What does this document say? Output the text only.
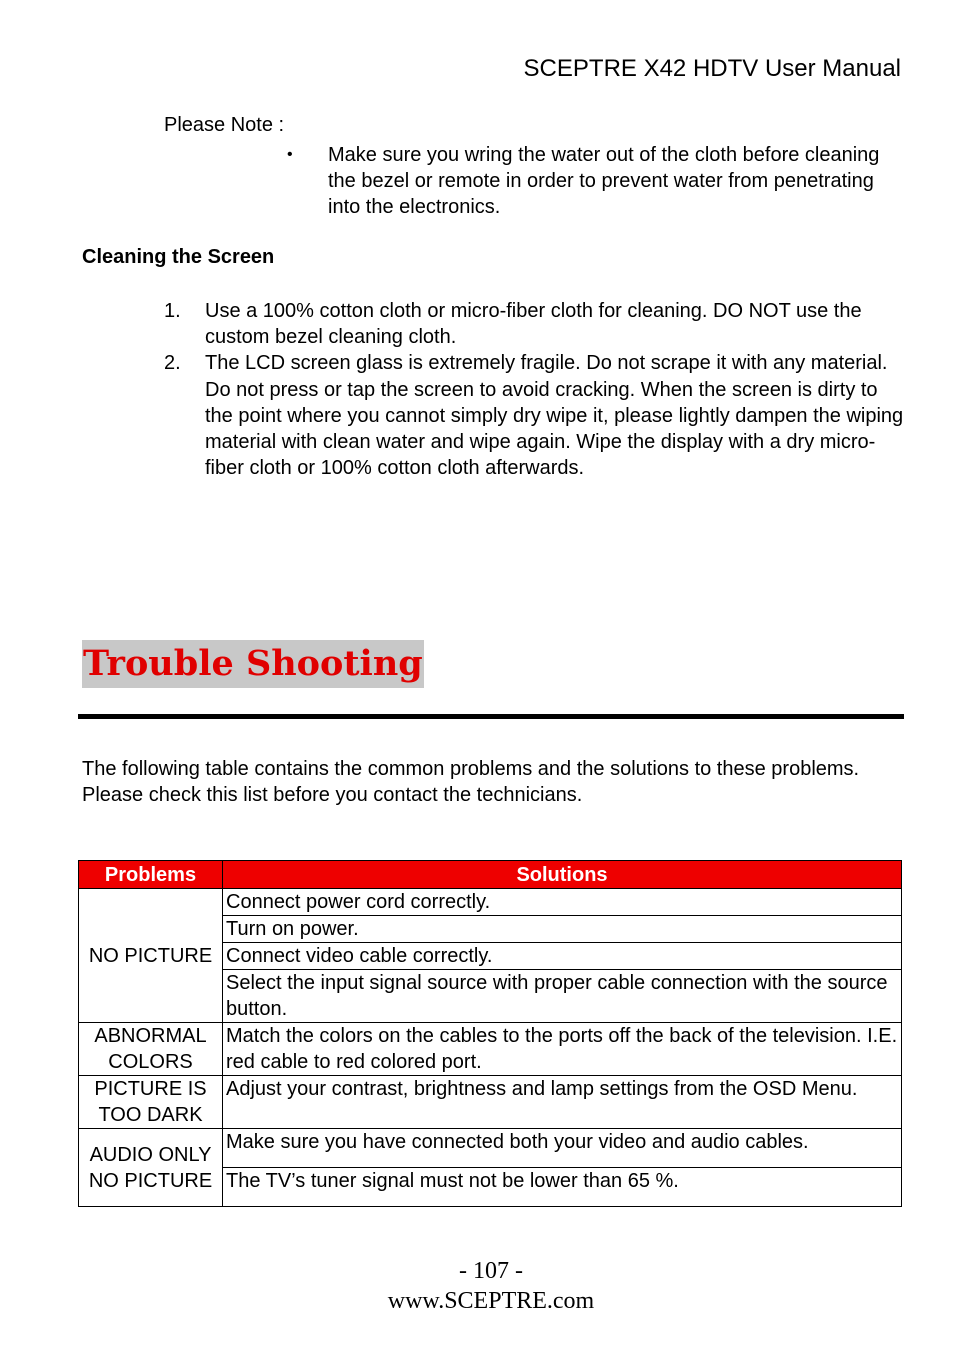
SCEPTRE X42 HDTV User Manual
Please Note :
•	Make sure you wring the water out of the cloth before cleaning the bezel or remote in order to prevent water from penetrating into the electronics.
Cleaning the Screen
1.	Use a 100% cotton cloth or micro-fiber cloth for cleaning. DO NOT use the custom bezel cleaning cloth.
2.	The LCD screen glass is extremely fragile. Do not scrape it with any material. Do not press or tap the screen to avoid cracking. When the screen is dirty to the point where you cannot simply dry wipe it, please lightly dampen the wiping material with clean water and wipe again. Wipe the display with a dry micro-fiber cloth or 100% cotton cloth afterwards.
Trouble Shooting
The following table contains the common problems and the solutions to these problems. Please check this list before you contact the technicians.
Problems	Solutions
NO PICTURE	Connect power cord correctly.
	Turn on power.
	Connect video cable correctly.
	Select the input signal source with proper cable connection with the source button.
ABNORMAL COLORS	Match the colors on the cables to the ports off the back of the television. I.E. red cable to red colored port.
PICTURE IS TOO DARK	Adjust your contrast, brightness and lamp settings from the OSD Menu.
AUDIO ONLY NO PICTURE	Make sure you have connected both your video and audio cables.
	The TV’s tuner signal must not be lower than 65 %.
- 107 -
www.SCEPTRE.com
